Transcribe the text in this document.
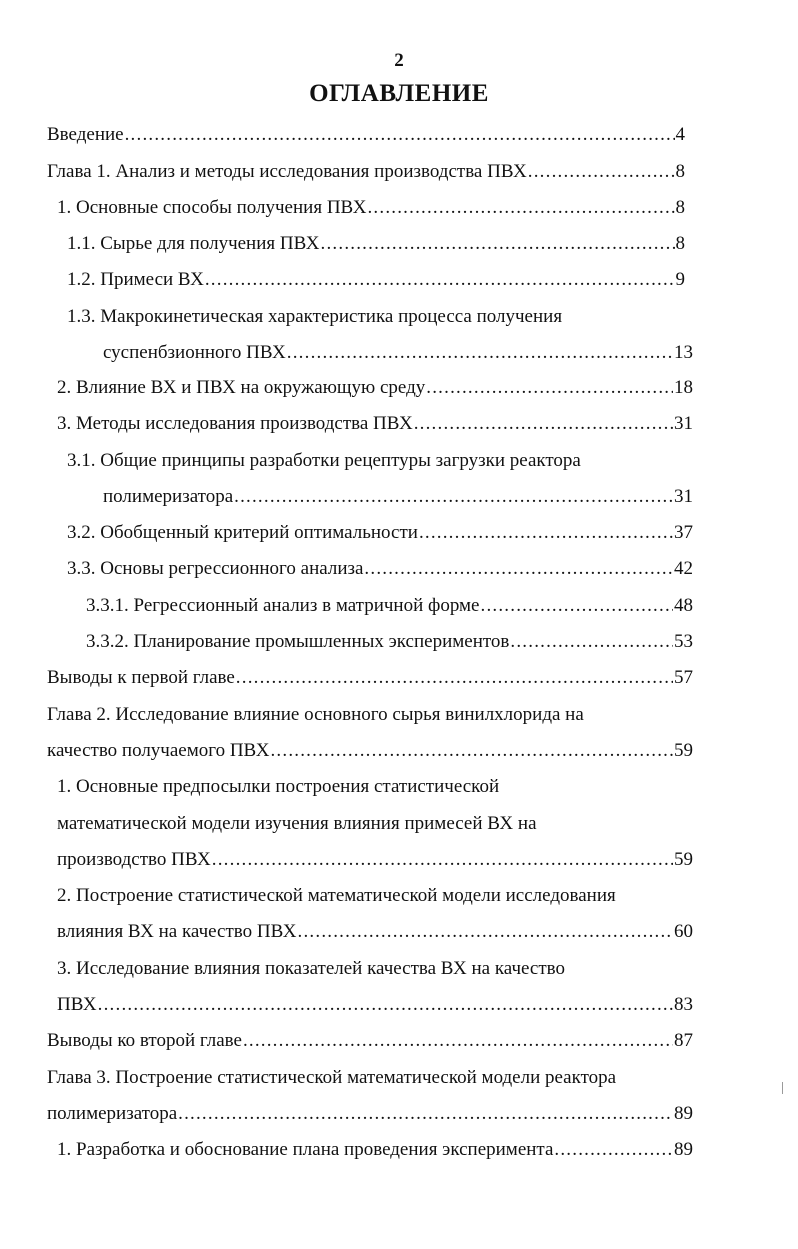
2
ОГЛАВЛЕНИЕ
Введение .....	4
Глава 1. Анализ и методы исследования производства ПВХ .....	8
1. Основные способы получения ПВХ .....	8
1.1. Сырье для получения ПВХ .....	8
1.2. Примеси ВХ .....	9
1.3. Макрокинетическая характеристика процесса получения
суспенбзионного ПВХ .....	13
2. Влияние ВХ и ПВХ на окружающую среду .....	18
3. Методы исследования производства ПВХ .....	31
3.1. Общие принципы разработки рецептуры загрузки реактора
полимеризатора .....	31
3.2. Обобщенный критерий оптимальности .....	37
3.3. Основы регрессионного анализа .....	42
3.3.1. Регрессионный анализ в матричной форме .....	48
3.3.2. Планирование промышленных экспериментов .....	53
Выводы к первой главе .....	57
Глава 2. Исследование влияние основного сырья винилхлорида на
качество получаемого ПВХ .....	59
1. Основные предпосылки построения статистической
математической модели изучения влияния примесей ВХ на
производство ПВХ .....	59
2. Построение статистической математической модели исследования
влияния ВХ на качество ПВХ .....	60
3. Исследование влияния показателей качества ВХ на качество
ПВХ .....	83
Выводы ко второй главе .....	87
Глава 3. Построение статистической математической модели реактора
полимеризатора .....	89
1. Разработка и обоснование плана проведения эксперимента .....	89
